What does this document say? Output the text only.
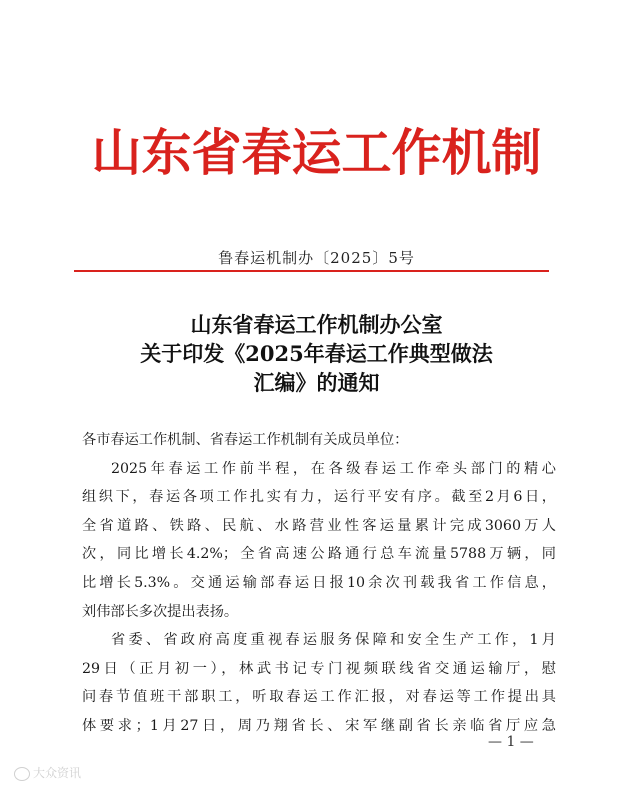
山东省春运工作机制
鲁春运机制办〔2025〕5号
山东省春运工作机制办公室
关于印发《2025年春运工作典型做法
汇编》的通知
各市春运工作机制、省春运工作机制有关成员单位：
2025年春运工作前半程，在各级春运工作牵头部门的精心
组织下，春运各项工作扎实有力，运行平安有序。截至2月6日，
全省道路、铁路、民航、水路营业性客运量累计完成3060万人
次，同比增长4.2%；全省高速公路通行总车流量5788万辆，同
比增长5.3%。交通运输部春运日报10余次刊载我省工作信息，
刘伟部长多次提出表扬。
省委、省政府高度重视春运服务保障和安全生产工作，1月
29日（正月初一），林武书记专门视频联线省交通运输厅，慰
问春节值班干部职工，听取春运工作汇报，对春运等工作提出具
体要求；1月27日，周乃翔省长、宋军继副省长亲临省厅应急
— 1 —
大众资讯
